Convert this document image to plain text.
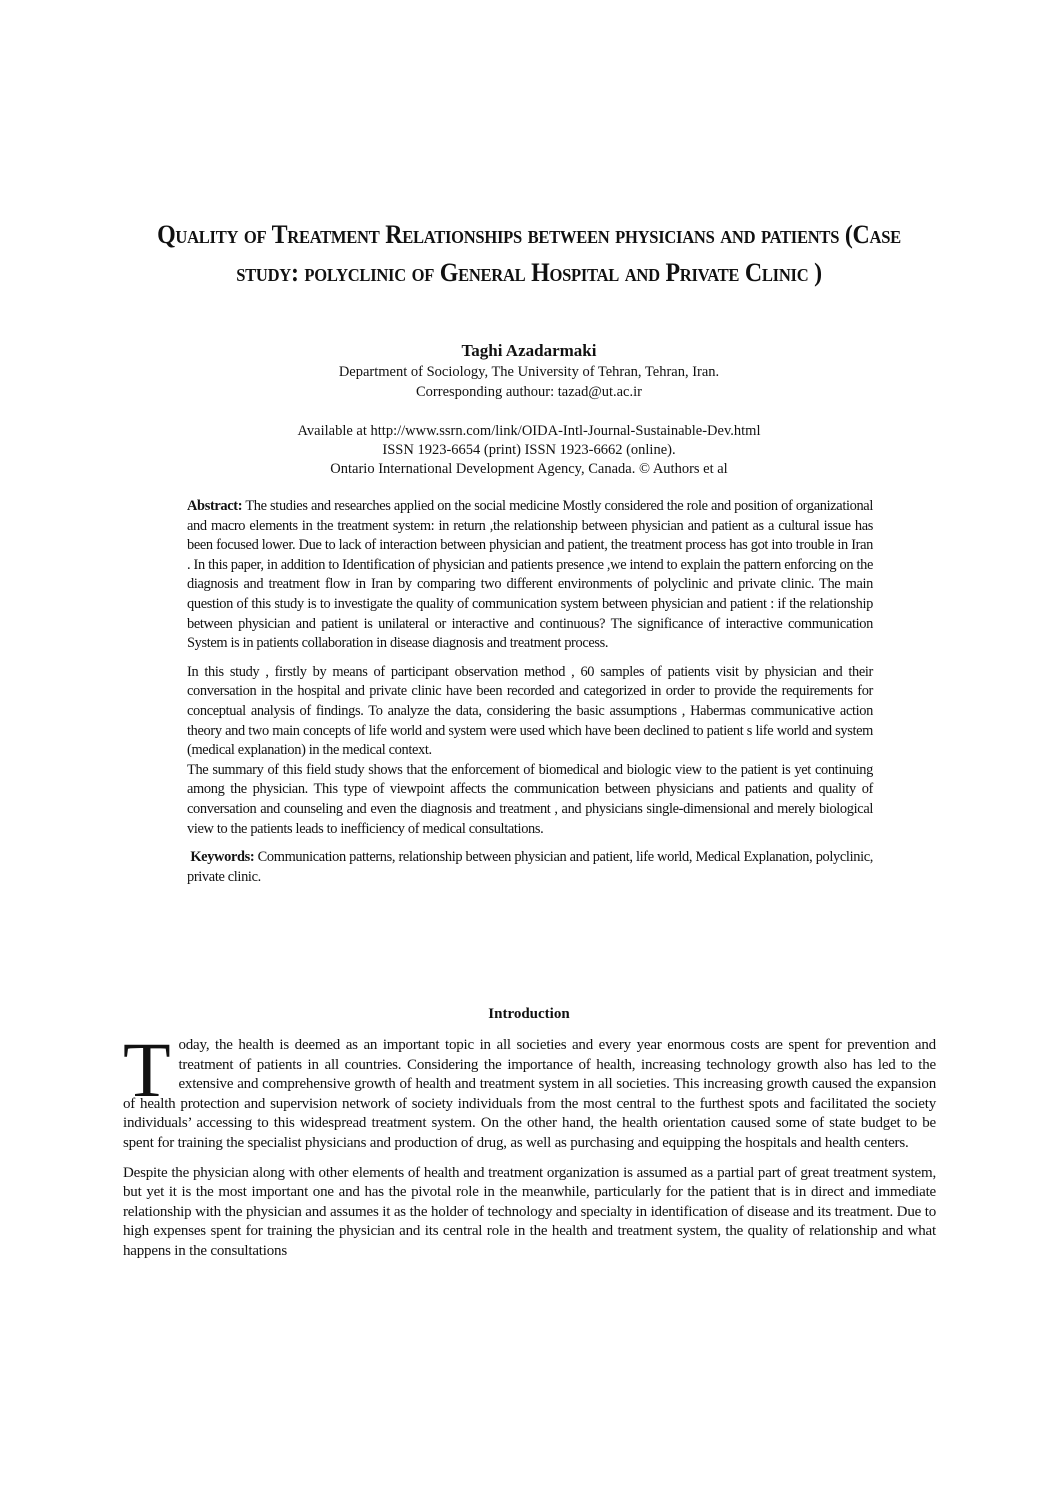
Quality of Treatment Relationships between physicians and patients (Case study: polyclinic of General Hospital and Private Clinic )
Taghi Azadarmaki
Department of Sociology, The University of Tehran, Tehran, Iran.
Corresponding authour: tazad@ut.ac.ir
Available at http://www.ssrn.com/link/OIDA-Intl-Journal-Sustainable-Dev.html
ISSN 1923-6654 (print) ISSN 1923-6662 (online).
Ontario International Development Agency, Canada. © Authors et al

Abstract: The studies and researches applied on the social medicine Mostly considered the role and position of organizational and macro elements in the treatment system: in return ,the relationship between physician and patient as a cultural issue has been focused lower. Due to lack of interaction between physician and patient, the treatment process has got into trouble in Iran . In this paper, in addition to Identification of physician and patients presence ,we intend to explain the pattern enforcing on the diagnosis and treatment flow in Iran by comparing two different environments of polyclinic and private clinic. The main question of this study is to investigate the quality of communication system between physician and patient : if the relationship between physician and patient is unilateral or interactive and continuous? The significance of interactive communication System is in patients collaboration in disease diagnosis and treatment process.

In this study , firstly by means of participant observation method , 60 samples of patients visit by physician and their conversation in the hospital and private clinic have been recorded and categorized in order to provide the requirements for conceptual analysis of findings. To analyze the data, considering the basic assumptions , Habermas communicative action theory and two main concepts of life world and system were used which have been declined to patient s life world and system (medical explanation) in the medical context.

The summary of this field study shows that the enforcement of biomedical and biologic view to the patient is yet continuing among the physician. This type of viewpoint affects the communication between physicians and patients and quality of conversation and counseling and even the diagnosis and treatment , and physicians single-dimensional and merely biological view to the patients leads to inefficiency of medical consultations.

Keywords: Communication patterns, relationship between physician and patient, life world, Medical Explanation, polyclinic, private clinic.

Introduction

Today, the health is deemed as an important topic in all societies and every year enormous costs are spent for prevention and treatment of patients in all countries. Considering the importance of health, increasing technology growth also has led to the extensive and comprehensive growth of health and treatment system in all societies. This increasing growth caused the expansion of health protection and supervision network of society individuals from the most central to the furthest spots and facilitated the society individuals’ accessing to this widespread treatment system. On the other hand, the health orientation caused some of state budget to be spent for training the specialist physicians and production of drug, as well as purchasing and equipping the hospitals and health centers.

Despite the physician along with other elements of health and treatment organization is assumed as a partial part of great treatment system, but yet it is the most important one and has the pivotal role in the meanwhile, particularly for the patient that is in direct and immediate relationship with the physician and assumes it as the holder of technology and specialty in identification of disease and its treatment. Due to high expenses spent for training the physician and its central role in the health and treatment system, the quality of relationship and what happens in the consultations
